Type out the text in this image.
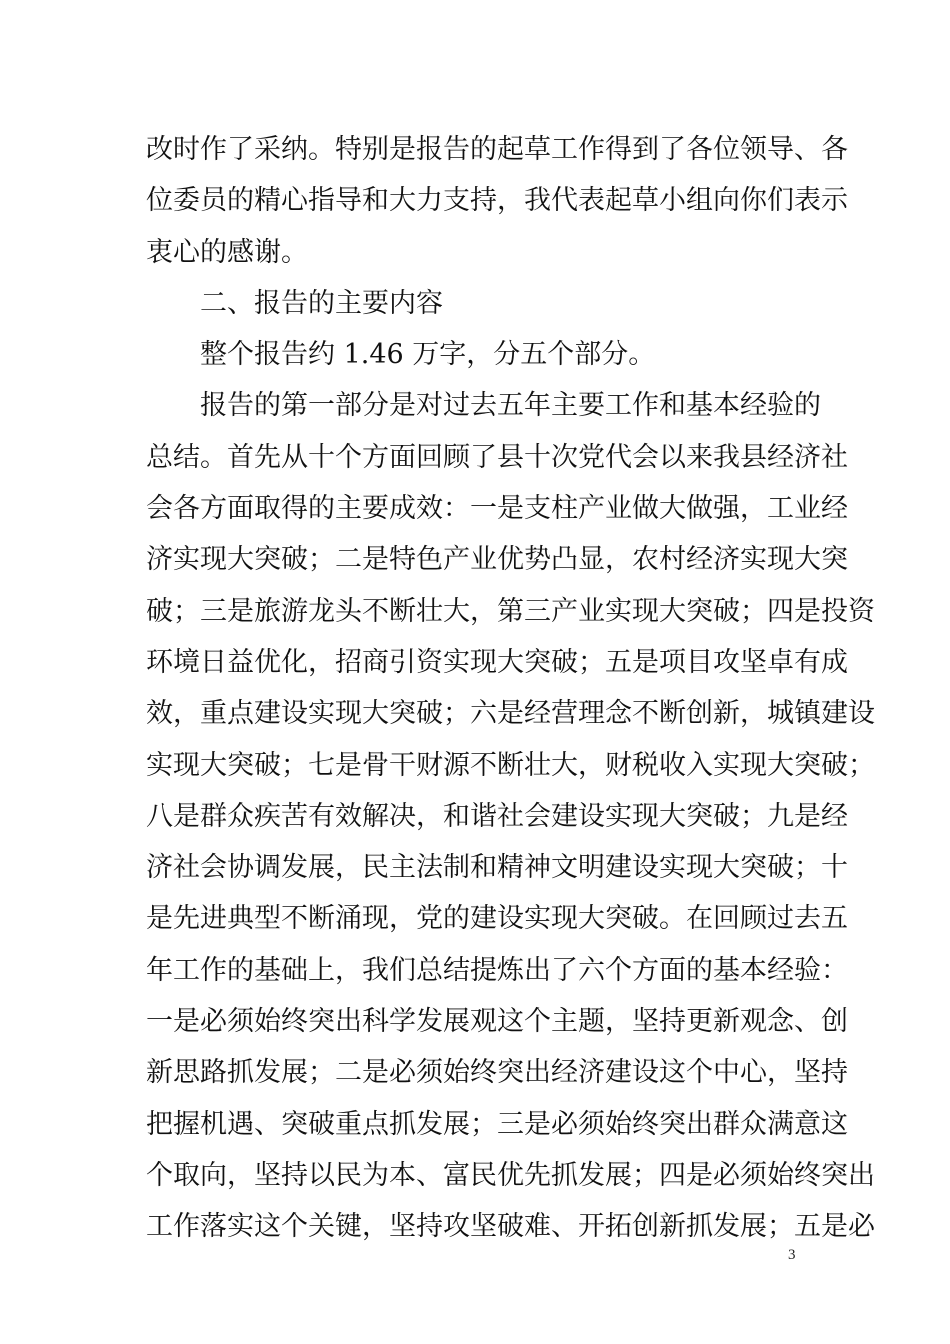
改时作了采纳。特别是报告的起草工作得到了各位领导、各
位委员的精心指导和大力支持，我代表起草小组向你们表示
衷心的感谢。
二、报告的主要内容
整个报告约 1.46 万字，分五个部分。
报告的第一部分是对过去五年主要工作和基本经验的
总结。首先从十个方面回顾了县十次党代会以来我县经济社
会各方面取得的主要成效：一是支柱产业做大做强，工业经
济实现大突破；二是特色产业优势凸显，农村经济实现大突
破；三是旅游龙头不断壮大，第三产业实现大突破；四是投资
环境日益优化，招商引资实现大突破；五是项目攻坚卓有成
效，重点建设实现大突破；六是经营理念不断创新，城镇建设
实现大突破；七是骨干财源不断壮大，财税收入实现大突破；
八是群众疾苦有效解决，和谐社会建设实现大突破；九是经
济社会协调发展，民主法制和精神文明建设实现大突破；十
是先进典型不断涌现，党的建设实现大突破。在回顾过去五
年工作的基础上，我们总结提炼出了六个方面的基本经验：
一是必须始终突出科学发展观这个主题，坚持更新观念、创
新思路抓发展；二是必须始终突出经济建设这个中心，坚持
把握机遇、突破重点抓发展；三是必须始终突出群众满意这
个取向，坚持以民为本、富民优先抓发展；四是必须始终突出
工作落实这个关键，坚持攻坚破难、开拓创新抓发展；五是必
3
